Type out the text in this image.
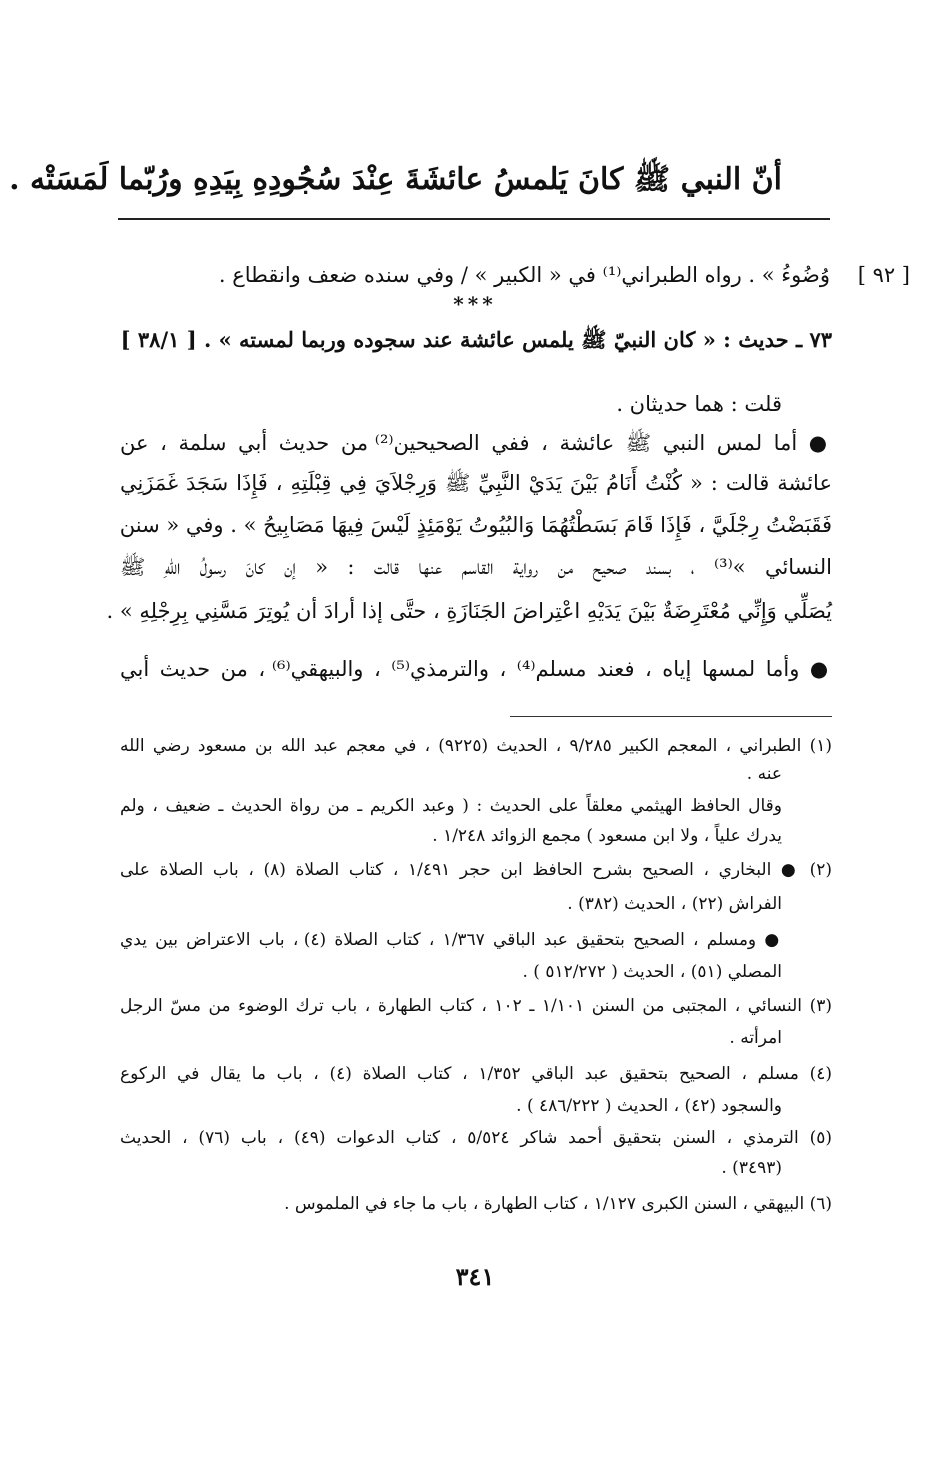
أنّ النبي ﷺ كانَ يَلمسُ عائشَةَ عِنْدَ سُجُودِهِ بِيَدِهِ ورُبّما لَمَسَتْه .
[ ٩٢ ]
وُضُوءُ » . رواه الطبراني⁽¹⁾ في « الكبير » / وفي سنده ضعف وانقطاع .
***
٧٣ ـ حديث : « كان النبيّ ﷺ يلمس عائشة عند سجوده وربما لمسته » . [ ٣٨/١ ]
قلت : هما حديثان .
● أما لمس النبي ﷺ عائشة ، ففي الصحيحين⁽²⁾ من حديث أبي سلمة ، عن
عائشة قالت : « كُنْتُ أَنَامُ بَيْنَ يَدَيْ النَّبِيِّ ﷺ وَرِجْلاَيَ فِي قِبْلَتِهِ ، فَإِذَا سَجَدَ غَمَزَنِي
فَقَبَضْتُ رِجْلَيَّ ، فَإِذَا قَامَ بَسَطْتُهُمَا وَالبُيُوتُ يَوْمَئِذٍ لَيْسَ فِيهَا مَصَابِيحُ » . وفي « سنن
النسائي »⁽³⁾ ، بسند صحيح من رواية القاسم عنها قالت : « إن كانَ رسولُ اللهِ ﷺ
يُصَلِّي وَإِنِّي مُعْتَرِضَةٌ بَيْنَ يَدَيْهِ اعْتِراضَ الجَنَازَةِ ، حتَّى إذا أرادَ أن يُوتِرَ مَسَّنِي بِرِجْلِهِ » .
● وأما لمسها إياه ، فعند مسلم⁽⁴⁾ ، والترمذي⁽⁵⁾ ، والبيهقي⁽⁶⁾ ، من حديث أبي
(١) الطبراني ، المعجم الكبير ٩/٢٨٥ ، الحديث (٩٢٢٥) ، في معجم عبد الله بن مسعود رضي الله
عنه .
وقال الحافظ الهيثمي معلقاً على الحديث : ( وعبد الكريم ـ من رواة الحديث ـ ضعيف ، ولم
يدرك علياً ، ولا ابن مسعود ) مجمع الزوائد ١/٢٤٨ .
(٢) ● البخاري ، الصحيح بشرح الحافظ ابن حجر ١/٤٩١ ، كتاب الصلاة (٨) ، باب الصلاة على
الفراش (٢٢) ، الحديث (٣٨٢) .
● ومسلم ، الصحيح بتحقيق عبد الباقي ١/٣٦٧ ، كتاب الصلاة (٤) ، باب الاعتراض بين يدي
المصلي (٥١) ، الحديث ( ٥١٢/٢٧٢ ) .
(٣) النسائي ، المجتبى من السنن ١/١٠١ ـ ١٠٢ ، كتاب الطهارة ، باب ترك الوضوء من مسّ الرجل
امرأته .
(٤) مسلم ، الصحيح بتحقيق عبد الباقي ١/٣٥٢ ، كتاب الصلاة (٤) ، باب ما يقال في الركوع
والسجود (٤٢) ، الحديث ( ٤٨٦/٢٢٢ ) .
(٥) الترمذي ، السنن بتحقيق أحمد شاكر ٥/٥٢٤ ، كتاب الدعوات (٤٩) ، باب (٧٦) ، الحديث
(٣٤٩٣) .
(٦) البيهقي ، السنن الكبرى ١/١٢٧ ، كتاب الطهارة ، باب ما جاء في الملموس .
٣٤١
